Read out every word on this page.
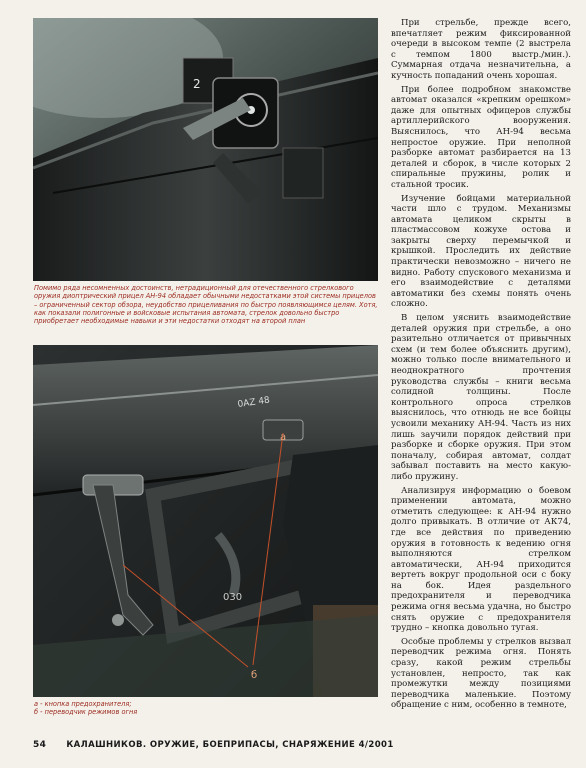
2
Помимо ряда несомненных достоинств, нетрадиционный для отечественного стрелкового оружия диоптрический прицел АН-94 обладает обычными недостатками этой системы прицелов – ограниченный сектор обзора, неудобство прицеливания по быстро появляющимся целям. Хотя, как показали полигонные и войсковые испытания автомата, стрелок довольно быстро приобретает необходимые навыки и эти недостатки отходят на второй план
0AZ 48
030
а
б
а - кнопка предохранителя;
б - переводчик режимов огня

При стрельбе, прежде всего, впечатляет режим фиксированной очереди в высоком темпе (2 выстрела с темпом 1800 выстр./мин.). Суммарная отдача незначительна, а кучность попаданий очень хорошая.

При более подробном знакомстве автомат оказался «крепким орешком» даже для опытных офицеров службы артиллерийского вооружения. Выяснилось, что АН-94 весьма непростое оружие. При неполной разборке автомат разбирается на 13 деталей и сборок, в числе которых 2 спиральные пружины, ролик и стальной тросик.

Изучение бойцами материальной части шло с трудом. Механизмы автомата целиком скрыты в пластмассовом кожухе остова и закрыты сверху перемычкой и крышкой. Проследить их действие практически невозможно – ничего не видно. Работу спускового механизма и его взаимодействие с деталями автоматики без схемы понять очень сложно.

В целом уяснить взаимодействие деталей оружия при стрельбе, а оно разительно отличается от привычных схем (и тем более объяснить другим), можно только после внимательного и неоднократного прочтения руководства службы – книги весьма солидной толщины. После контрольного опроса стрелков выяснилось, что отнюдь не все бойцы усвоили механику АН-94. Часть из них лишь заучили порядок действий при разборке и сборке оружия. При этом поначалу, собирая автомат, солдат забывал поставить на место какую-либо пружину.

Анализируя информацию о боевом применении автомата, можно отметить следующее: к АН-94 нужно долго привыкать. В отличие от АК74, где все действия по приведению оружия в готовность к ведению огня выполняются стрелком автоматически, АН-94 приходится вертеть вокруг продольной оси с боку на бок. Идея раздельного предохранителя и переводчика режима огня весьма удачна, но быстро снять оружие с предохранителя трудно – кнопка довольно тугая.

Особые проблемы у стрелков вызвал переводчик режима огня. Понять сразу, какой режим стрельбы установлен, непросто, так как промежутки между позициями переводчика маленькие. Поэтому обращение с ним, особенно в темноте,

54 КАЛАШНИКОВ. ОРУЖИЕ, БОЕПРИПАСЫ, СНАРЯЖЕНИЕ 4/2001
